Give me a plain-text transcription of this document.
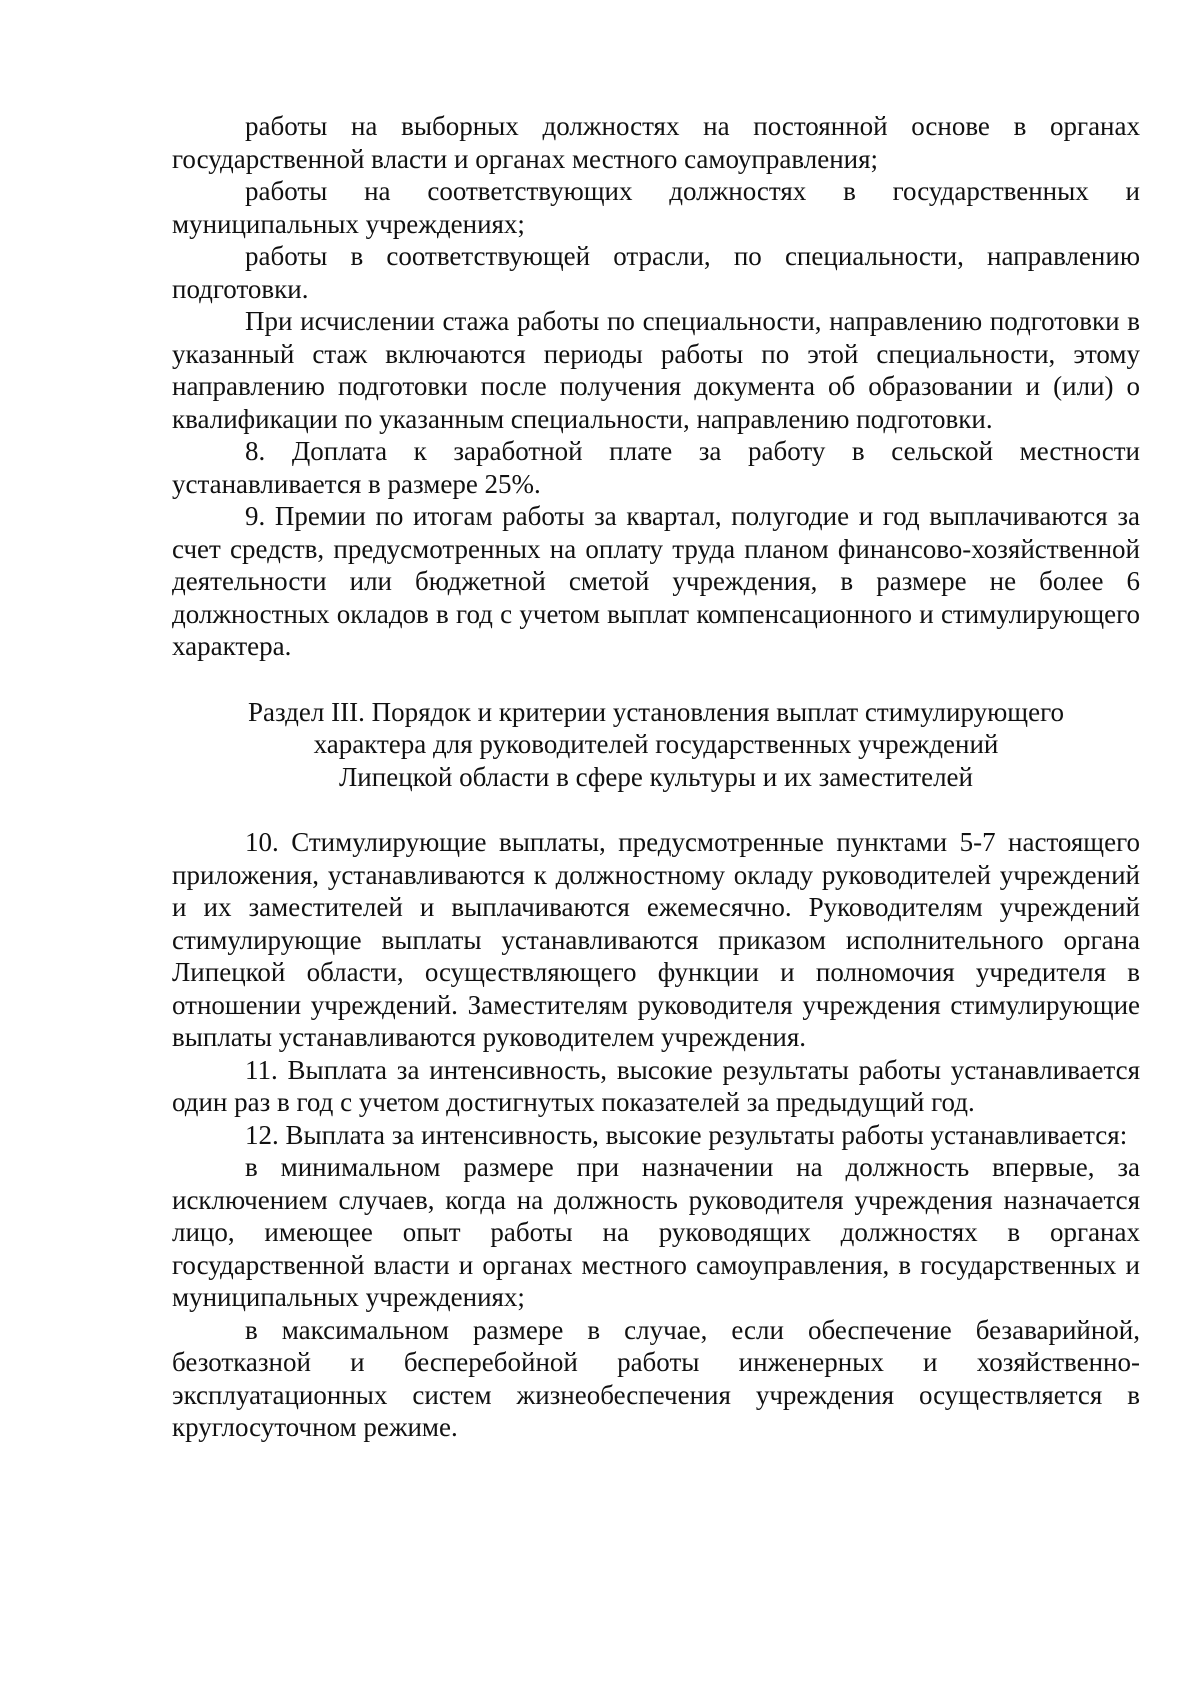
работы на выборных должностях на постоянной основе в органах государственной власти и органах местного самоуправления;

работы на соответствующих должностях в государственных и муниципальных учреждениях;

работы в соответствующей отрасли, по специальности, направлению подготовки.

При исчислении стажа работы по специальности, направлению подготовки в указанный стаж включаются периоды работы по этой специальности, этому направлению подготовки после получения документа об образовании и (или) о квалификации по указанным специальности, направлению подготовки.

8. Доплата к заработной плате за работу в сельской местности устанавливается в размере 25%.

9. Премии по итогам работы за квартал, полугодие и год выплачиваются за счет средств, предусмотренных на оплату труда планом финансово-хозяйственной деятельности или бюджетной сметой учреждения, в размере не более 6 должностных окладов в год с учетом выплат компенсационного и стимулирующего характера.

Раздел III. Порядок и критерии установления выплат стимулирующего
характера для руководителей государственных учреждений
Липецкой области в сфере культуры и их заместителей

10. Стимулирующие выплаты, предусмотренные пунктами 5-7 настоящего приложения, устанавливаются к должностному окладу руководителей учреждений и их заместителей и выплачиваются ежемесячно. Руководителям учреждений стимулирующие выплаты устанавливаются приказом исполнительного органа Липецкой области, осуществляющего функции и полномочия учредителя в отношении учреждений. Заместителям руководителя учреждения стимулирующие выплаты устанавливаются руководителем учреждения.

11. Выплата за интенсивность, высокие результаты работы устанавливается один раз в год с учетом достигнутых показателей за предыдущий год.

12. Выплата за интенсивность, высокие результаты работы устанавливается:

в минимальном размере при назначении на должность впервые, за исключением случаев, когда на должность руководителя учреждения назначается лицо, имеющее опыт работы на руководящих должностях в органах государственной власти и органах местного самоуправления, в государственных и муниципальных учреждениях;

в максимальном размере в случае, если обеспечение безаварийной, безотказной и бесперебойной работы инженерных и хозяйственно-эксплуатационных систем жизнеобеспечения учреждения осуществляется в круглосуточном режиме.
